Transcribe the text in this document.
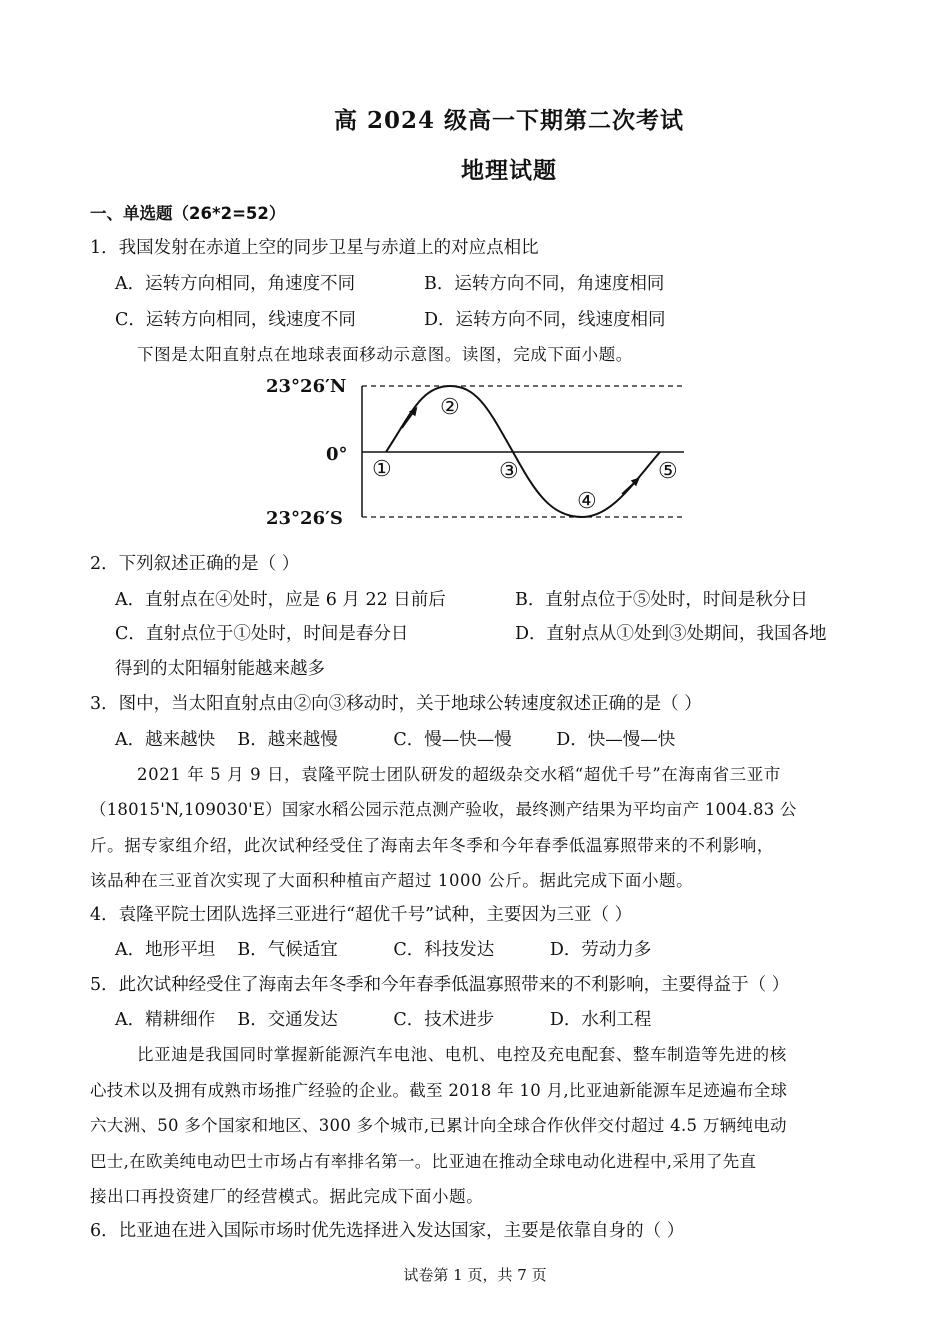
高 2024 级高一下期第二次考试
地理试题
一、单选题（26*2=52）
1．我国发射在赤道上空的同步卫星与赤道上的对应点相比
A．运转方向相同，角速度不同	B．运转方向不同，角速度相同
C．运转方向相同，线速度不同	D．运转方向不同，线速度相同
下图是太阳直射点在地球表面移动示意图。读图，完成下面小题。
23°26′N
0°
23°26′S
①
②
③
④
⑤
2．下列叙述正确的是（ ）
A．直射点在④处时，应是 6 月 22 日前后	B．直射点位于⑤处时，时间是秋分日
C．直射点位于①处时，时间是春分日	D．直射点从①处到③处期间，我国各地
得到的太阳辐射能越来越多
3．图中，当太阳直射点由②向③移动时，关于地球公转速度叙述正确的是（ ）
A．越来越快    B．越来越慢          C．慢—快—慢        D．快—慢—快
2021 年 5 月 9 日，袁隆平院士团队研发的超级杂交水稻“超优千号”在海南省三亚市
（18015'N,109030'E）国家水稻公园示范点测产验收，最终测产结果为平均亩产 1004.83 公
斤。据专家组介绍，此次试种经受住了海南去年冬季和今年春季低温寡照带来的不利影响，
该品种在三亚首次实现了大面积种植亩产超过 1000 公斤。据此完成下面小题。
4．袁隆平院士团队选择三亚进行“超优千号”试种，主要因为三亚（ ）
A．地形平坦    B．气候适宜          C．科技发达          D．劳动力多
5．此次试种经受住了海南去年冬季和今年春季低温寡照带来的不利影响，主要得益于（ ）
A．精耕细作    B．交通发达          C．技术进步          D．水利工程
比亚迪是我国同时掌握新能源汽车电池、电机、电控及充电配套、整车制造等先进的核
心技术以及拥有成熟市场推广经验的企业。截至 2018 年 10 月,比亚迪新能源车足迹遍布全球
六大洲、50 多个国家和地区、300 多个城市,已累计向全球合作伙伴交付超过 4.5 万辆纯电动
巴士,在欧美纯电动巴士市场占有率排名第一。比亚迪在推动全球电动化进程中,采用了先直
接出口再投资建厂的经营模式。据此完成下面小题。
6．比亚迪在进入国际市场时优先选择进入发达国家，主要是依靠自身的（ ）
试卷第 1 页，共 7 页
